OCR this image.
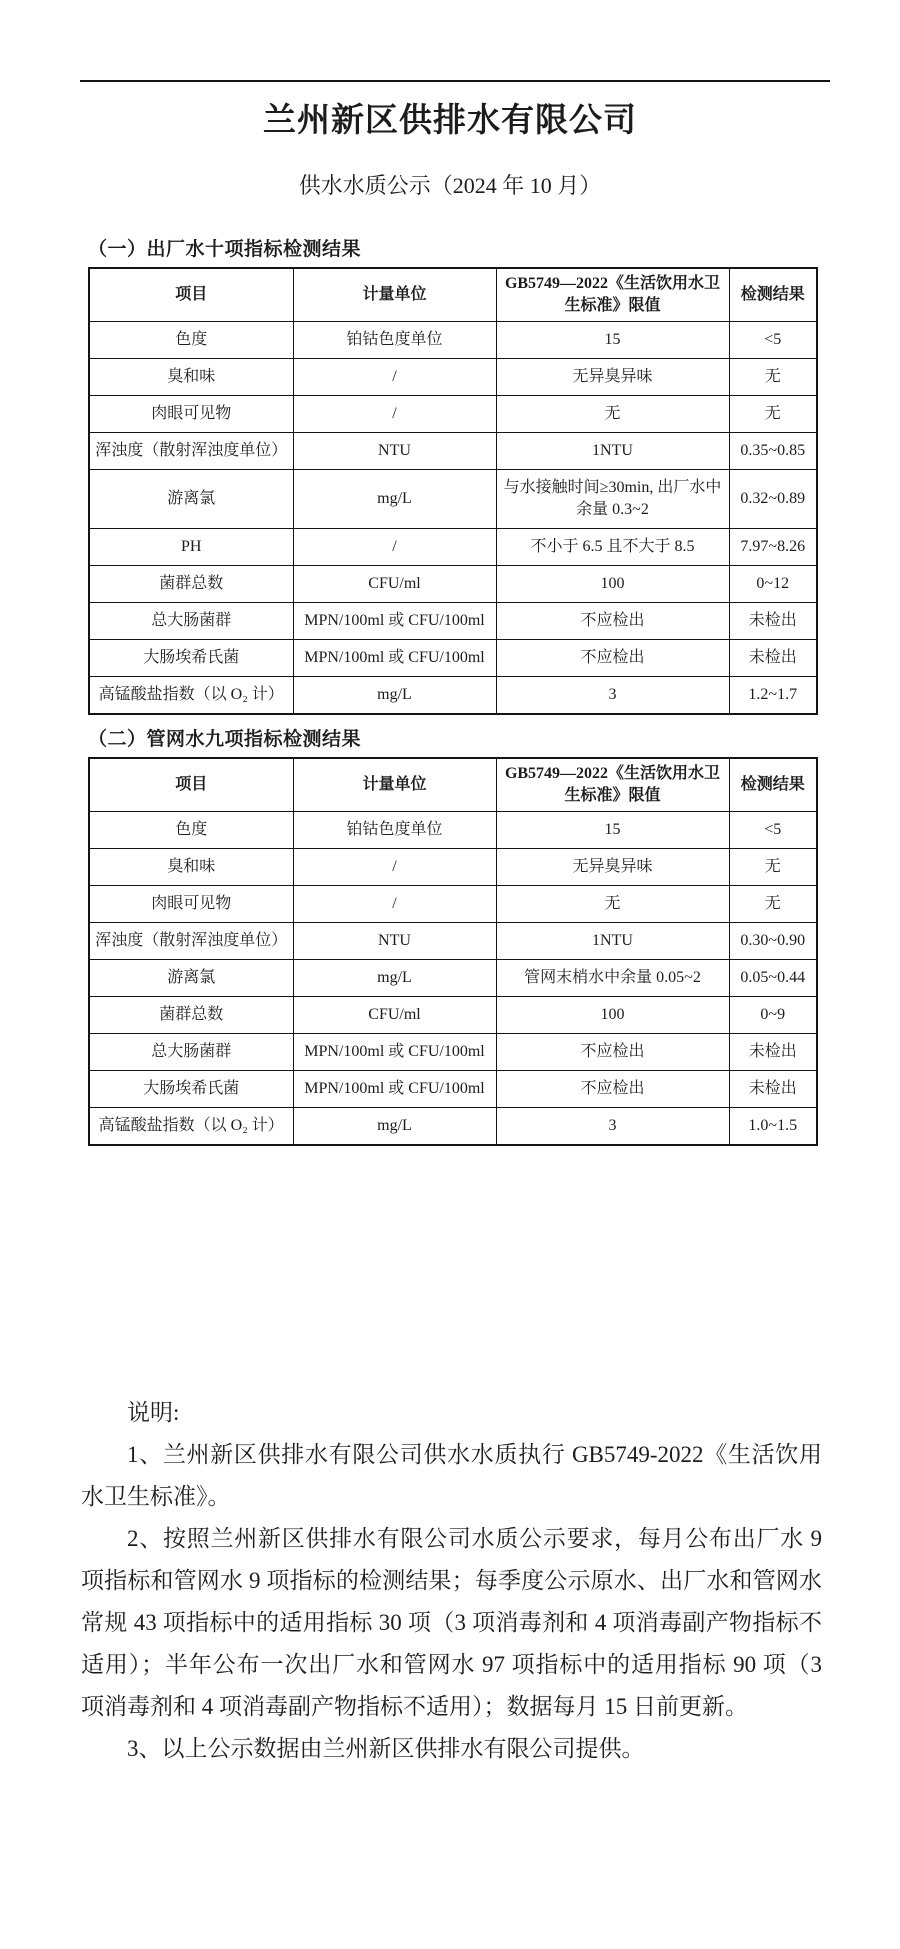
兰州新区供排水有限公司
供水水质公示（2024 年 10 月）

（一）出厂水十项指标检测结果

项目	计量单位	GB5749—2022《生活饮用水卫生标准》限值	检测结果
色度	铂钴色度单位	15	<5
臭和味	/	无异臭异味	无
肉眼可见物	/	无	无
浑浊度（散射浑浊度单位）	NTU	1NTU	0.35~0.85
游离氯	mg/L	与水接触时间≥30min, 出厂水中余量 0.3~2	0.32~0.89
PH	/	不小于 6.5 且不大于 8.5	7.97~8.26
菌群总数	CFU/ml	100	0~12
总大肠菌群	MPN/100ml 或 CFU/100ml	不应检出	未检出
大肠埃希氏菌	MPN/100ml 或 CFU/100ml	不应检出	未检出
高锰酸盐指数（以 O₂ 计）	mg/L	3	1.2~1.7

（二）管网水九项指标检测结果

项目	计量单位	GB5749—2022《生活饮用水卫生标准》限值	检测结果
色度	铂钴色度单位	15	<5
臭和味	/	无异臭异味	无
肉眼可见物	/	无	无
浑浊度（散射浑浊度单位）	NTU	1NTU	0.30~0.90
游离氯	mg/L	管网末梢水中余量 0.05~2	0.05~0.44
菌群总数	CFU/ml	100	0~9
总大肠菌群	MPN/100ml 或 CFU/100ml	不应检出	未检出
大肠埃希氏菌	MPN/100ml 或 CFU/100ml	不应检出	未检出
高锰酸盐指数（以 O₂ 计）	mg/L	3	1.0~1.5

说明:

1、兰州新区供排水有限公司供水水质执行 GB5749-2022《生活饮用水卫生标准》。

2、按照兰州新区供排水有限公司水质公示要求，每月公布出厂水 9 项指标和管网水 9 项指标的检测结果；每季度公示原水、出厂水和管网水常规 43 项指标中的适用指标 30 项（3 项消毒剂和 4 项消毒副产物指标不适用）；半年公布一次出厂水和管网水 97 项指标中的适用指标 90 项（3 项消毒剂和 4 项消毒副产物指标不适用）；数据每月 15 日前更新。

3、以上公示数据由兰州新区供排水有限公司提供。
